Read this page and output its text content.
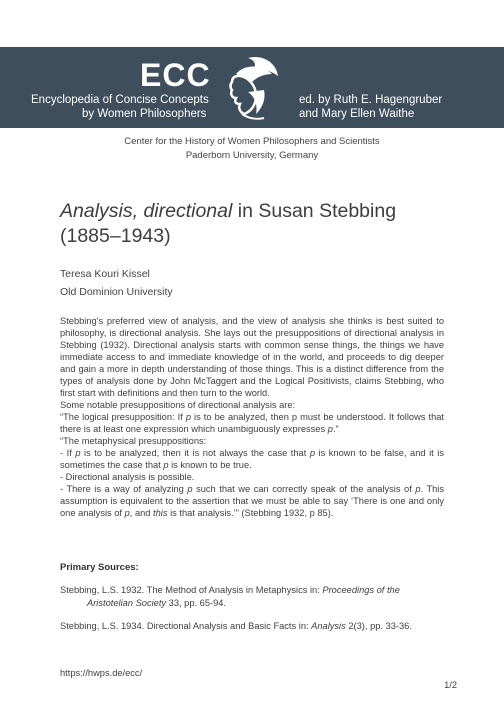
ECC
Encyclopedia of Concise Concepts
by Women Philosophers
ed. by Ruth E. Hagengruber
and Mary Ellen Waithe
Center for the History of Women Philosophers and Scientists
Paderborn University, Germany
Analysis, directional in Susan Stebbing
(1885–1943)
Teresa Kouri Kissel
Old Dominion University

Stebbing's preferred view of analysis, and the view of analysis she thinks is best suited to philosophy, is directional analysis. She lays out the presuppositions of directional analysis in Stebbing (1932). Directional analysis starts with common sense things, the things we have immediate access to and immediate knowledge of in the world, and proceeds to dig deeper and gain a more in depth understanding of those things. This is a distinct difference from the types of analysis done by John McTaggert and the Logical Positivists, claims Stebbing, who first start with definitions and then turn to the world.

Some notable presuppositions of directional analysis are:

“The logical presupposition: If p is to be analyzed, then p must be understood. It follows that there is at least one expression which unambiguously expresses p.”

“The metaphysical presuppositions:

- If p is to be analyzed, then it is not always the case that p is known to be false, and it is sometimes the case that p is known to be true.

- Directional analysis is possible.

- There is a way of analyzing p such that we can correctly speak of the analysis of p. This assumption is equivalent to the assertion that we must be able to say ‘There is one and only one analysis of p, and this is that analysis.’” (Stebbing 1932, p 85).

Primary Sources:
Stebbing, L.S. 1932. The Method of Analysis in Metaphysics in: Proceedings of the
Aristotelian Society 33, pp. 65-94.
Stebbing, L.S. 1934. Directional Analysis and Basic Facts in: Analysis 2(3), pp. 33-36.
https://hwps.de/ecc/
1/2
